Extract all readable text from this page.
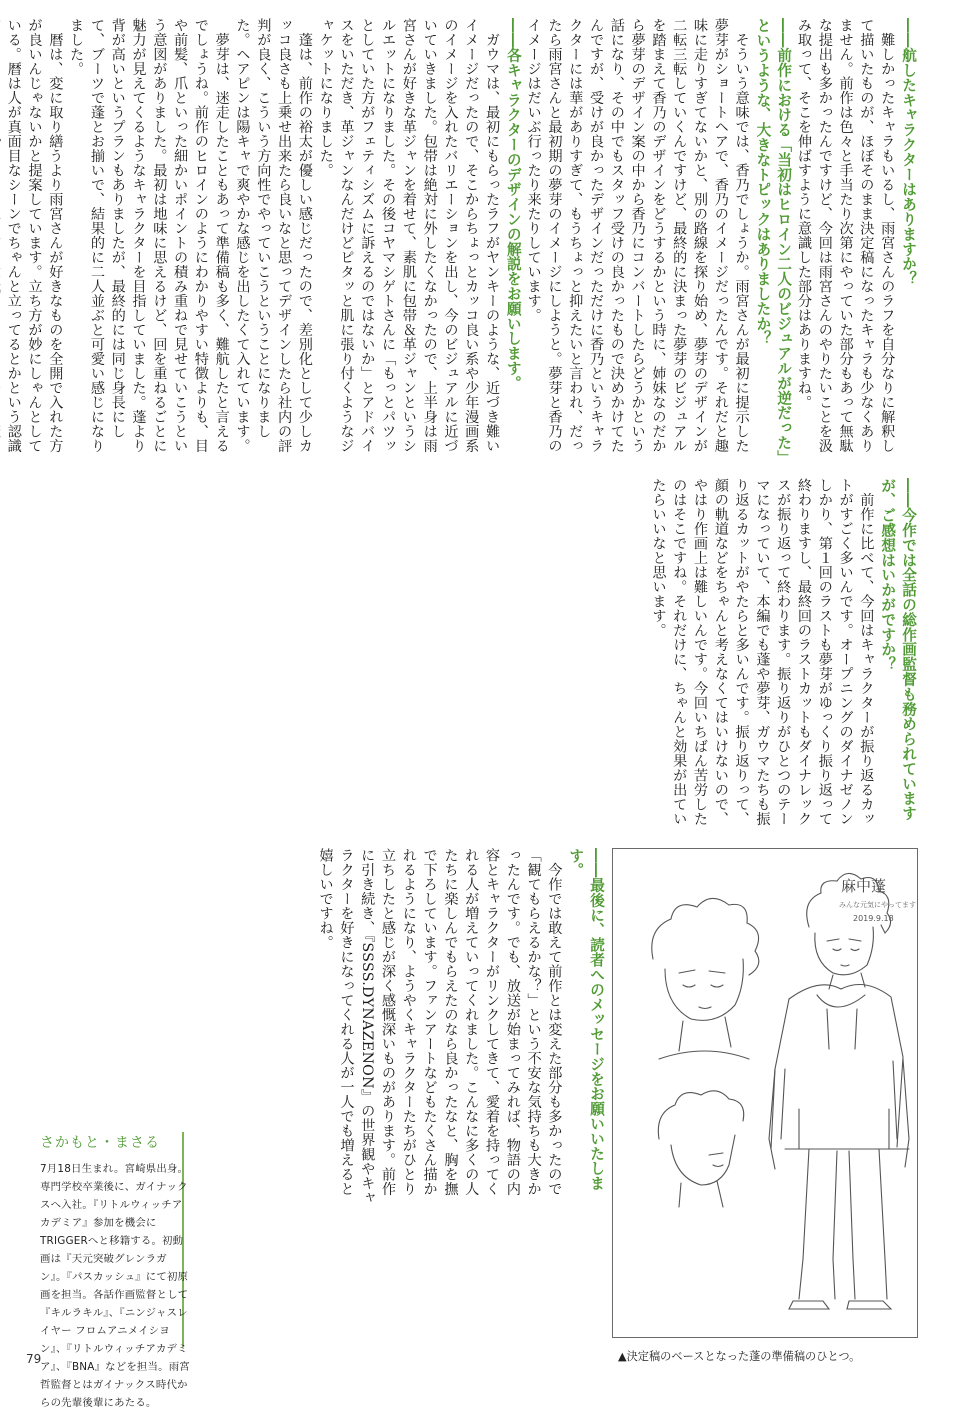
――航したキャラクターはありますか？

　難しかったキャラもいるし、雨宮さんのラフを自分なりに解釈して描いたものが、ほぼそのまま決定稿になったキャラも少なくありません。前作は色々と手当たり次第にやっていた部分もあって無駄な提出も多かったんですけど、今回は雨宮さんのやりたいことを汲み取って、そこを伸ばすように意識した部分はありますね。

――前作における「当初はヒロイン二人のビジュアルが逆だった」というような、大きなトピックはありましたか？

　そういう意味では、香乃でしょうか。雨宮さんが最初に提示した夢芽がショートヘアで、香乃のイメージだったんです。それだと趣味に走りすぎてないかと、別の路線を探り始め、夢芽のデザインが二転三転していくんですけど、最終的に決まった夢芽のビジュアルを踏まえて香乃のデザインをどうするかという時に、姉妹なのだから夢芽のデザイン案の中から香乃にコンバートしたらどうかという話になり、その中でもスタッフ受けの良かったもので決めかけてたんですが、受けが良かったデザインだっただけに香乃というキャラクターには華がありすぎて、もうちょっと抑えたいと言われ、だったら雨宮さんと最初期の夢芽のイメージにしようと。夢芽と香乃のイメージはだいぶ行ったり来たりしています。

――各キャラクターのデザインの解説をお願いします。

　ガウマは、最初にもらったラフがヤンキーのような、近づき難いイメージだったので、そこからちょっとカッコ良い系や少年漫画系のイメージを入れたバリエーションを出し、今のビジュアルに近づいていきました。包帯は絶対に外したくなかったので、上半身は雨宮さんが好きな革ジャンを着せて、素肌に包帯＆革ジャンというシルエットになりました。その後コヤマシゲトさんに「もっとパツッとしていた方がフェティシズムに訴えるのではないか」とアドバイスをいただき、革ジャンなんだけどピタッと肌に張り付くようなジャケットになりました。

　蓬は、前作の裕太が優しい感じだったので、差別化として少しカッコ良さも上乗せ出来たら良いなと思ってデザインしたら社内の評判が良く、こういう方向性でやっていこうということになりました。ヘアピンは陽キャで爽やかな感じを出したくて入れています。

　夢芽は、迷走したこともあって準備稿も多く、難航したと言えるでしょうね。前作のヒロインのようにわかりやすい特徴よりも、目や前髪、爪といった細かいポイントの積み重ねで見せていこうという意図がありました。最初は地味に思えるけど、回を重ねるごとに魅力が見えてくるようなキャラクターを目指していました。蓬より背が高いというプランもありましたが、最終的には同じ身長にして、ブーツで蓬とお揃いで、結果的に二人並ぶと可愛い感じになりました。

　暦は、変に取り繕うより雨宮さんが好きなものを全開で入れた方が良いんじゃないかと提案しています。立ち方が妙にしゃんとしている。暦は人が真面目なシーンでちゃんと立ってるとかという認識

――今作では全話の総作画監督も務められていますが、ご感想はいかがですか？

　前作に比べて、今回はキャラクターが振り返るカットがすごく多いんです。オープニングのダイナゼノンしかり、第１回のラストも夢芽がゆっくり振り返って終わりますし、最終回のラストカットもダイナレックスが振り返って終わります。振り返りがひとつのテーマになっていて、本編でも蓬や夢芽、ガウマたちも振り返るカットがやたらと多いんです。振り返りって、顔の軌道などをちゃんと考えなくてはいけないので、やはり作画上は難しいんです。今回いちばん苦労したのはそこですね。それだけに、ちゃんと効果が出ていたらいいなと思います。

麻中蓬
みんな元気にやってます
2019.9.18

――最後に、読者へのメッセージをお願いいたします。

　今作では敢えて前作とは変えた部分も多かったので「観てもらえるかな？」という不安な気持ちも大きかったんです。でも、放送が始まってみれば、物語の内容とキャラクターがリンクしてきて、愛着を持ってくれる人が増えていってくれました。こんなに多くの人たちに楽しんでもらえたのなら良かったなと、胸を撫で下ろしています。ファンアートなどもたくさん描かれるようになり、ようやくキャラクターたちがひとり立ちしたと感じが深く感慨深いものがあります。前作に引き続き、『SSSS.DYNAZENON』の世界観やキャラクターを好きになってくれる人が一人でも増えると嬉しいですね。

▲決定稿のベースとなった蓬の準備稿のひとつ。
さかもと・まさる
7月18日生まれ。宮崎県出身。専門学校卒業後に、ガイナックスへ入社。『リトルウィッチアカデミア』参加を機会にTRIGGERへと移籍する。初動画は『天元突破グレンラガン』。『パスカッシュ』にて初原画を担当。各話作画監督として『キルラキル』、『ニンジャスレイヤー フロムアニメイシヨン』、『リトルウィッチアカデミア』、『BNA』などを担当。雨宮哲監督とはガイナックス時代からの先輩後輩にあたる。
79
